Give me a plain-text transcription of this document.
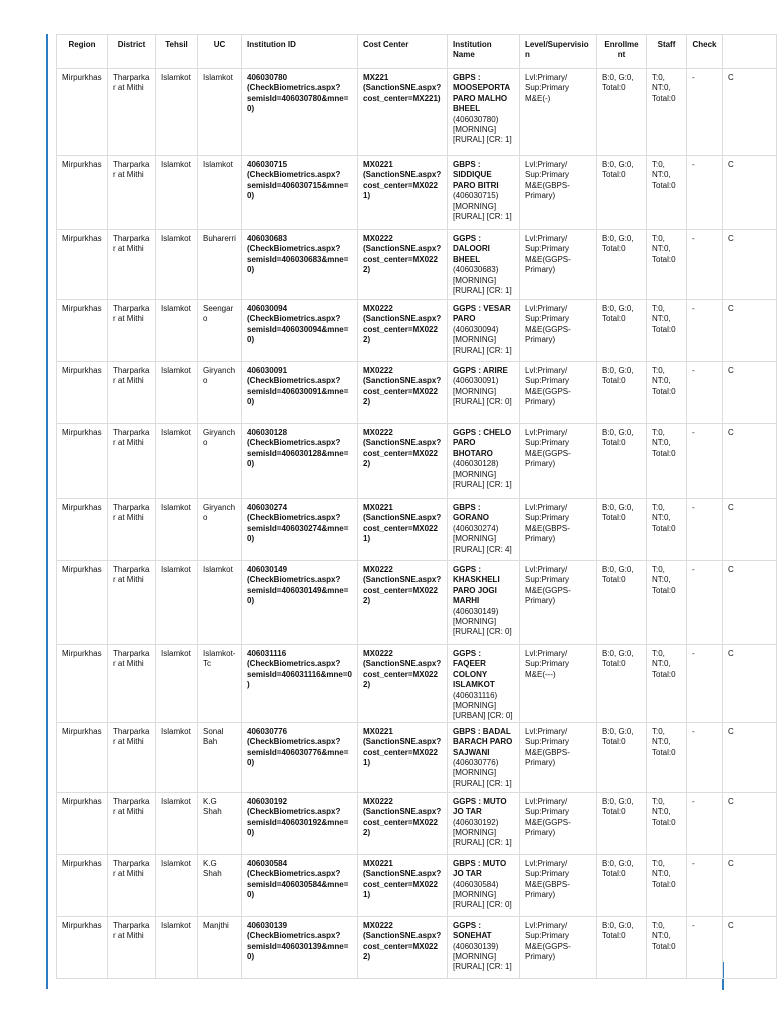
Region	District	Tehsil	UC	Institution ID	Cost Center	Institution Name	Level/Supervision	Enrollment	Staff	Check	
Mirpurkhas	Tharparkar at Mithi	Islamkot	Islamkot	406030780 (CheckBiometrics.aspx?semisId=406030780&mne=0)	MX221 (SanctionSNE.aspx?cost_center=MX221)	GBPS : MOOSEPORTA PARO MALHO BHEEL
(406030780) [MORNING] [RURAL] [CR: 1]	Lvl:Primary/ Sup:Primary M&E(-)	B:0, G:0, Total:0	T:0, NT:0, Total:0	-	C
Mirpurkhas	Tharparkar at Mithi	Islamkot	Islamkot	406030715 (CheckBiometrics.aspx?semisId=406030715&mne=0)	MX0221 (SanctionSNE.aspx?cost_center=MX0221)	GBPS : SIDDIQUE PARO BITRI
(406030715) [MORNING] [RURAL] [CR: 1]	Lvl:Primary/ Sup:Primary M&E(GBPS-Primary)	B:0, G:0, Total:0	T:0, NT:0, Total:0	-	C
Mirpurkhas	Tharparkar at Mithi	Islamkot	Buharerri	406030683 (CheckBiometrics.aspx?semisId=406030683&mne=0)	MX0222 (SanctionSNE.aspx?cost_center=MX0222)	GGPS : DALOORI BHEEL
(406030683) [MORNING] [RURAL] [CR: 1]	Lvl:Primary/ Sup:Primary M&E(GGPS-Primary)	B:0, G:0, Total:0	T:0, NT:0, Total:0	-	C
Mirpurkhas	Tharparkar at Mithi	Islamkot	Seengaro	406030094 (CheckBiometrics.aspx?semisId=406030094&mne=0)	MX0222 (SanctionSNE.aspx?cost_center=MX0222)	GGPS : VESAR PARO
(406030094) [MORNING] [RURAL] [CR: 1]	Lvl:Primary/ Sup:Primary M&E(GGPS-Primary)	B:0, G:0, Total:0	T:0, NT:0, Total:0	-	C
Mirpurkhas	Tharparkar at Mithi	Islamkot	Giryancho	406030091 (CheckBiometrics.aspx?semisId=406030091&mne=0)	MX0222 (SanctionSNE.aspx?cost_center=MX0222)	GGPS : ARIRE
(406030091) [MORNING] [RURAL] [CR: 0]	Lvl:Primary/ Sup:Primary M&E(GGPS-Primary)	B:0, G:0, Total:0	T:0, NT:0, Total:0	-	C
Mirpurkhas	Tharparkar at Mithi	Islamkot	Giryancho	406030128 (CheckBiometrics.aspx?semisId=406030128&mne=0)	MX0222 (SanctionSNE.aspx?cost_center=MX0222)	GGPS : CHELO PARO BHOTARO
(406030128) [MORNING] [RURAL] [CR: 1]	Lvl:Primary/ Sup:Primary M&E(GGPS-Primary)	B:0, G:0, Total:0	T:0, NT:0, Total:0	-	C
Mirpurkhas	Tharparkar at Mithi	Islamkot	Giryancho	406030274 (CheckBiometrics.aspx?semisId=406030274&mne=0)	MX0221 (SanctionSNE.aspx?cost_center=MX0221)	GBPS : GORANO
(406030274) [MORNING] [RURAL] [CR: 4]	Lvl:Primary/ Sup:Primary M&E(GBPS-Primary)	B:0, G:0, Total:0	T:0, NT:0, Total:0	-	C
Mirpurkhas	Tharparkar at Mithi	Islamkot	Islamkot	406030149 (CheckBiometrics.aspx?semisId=406030149&mne=0)	MX0222 (SanctionSNE.aspx?cost_center=MX0222)	GGPS : KHASKHELI PARO JOGI MARHI
(406030149) [MORNING] [RURAL] [CR: 0]	Lvl:Primary/ Sup:Primary M&E(GGPS-Primary)	B:0, G:0, Total:0	T:0, NT:0, Total:0	-	C
Mirpurkhas	Tharparkar at Mithi	Islamkot	Islamkot-Tc	406031116 (CheckBiometrics.aspx?semisId=406031116&mne=0)	MX0222 (SanctionSNE.aspx?cost_center=MX0222)	GGPS : FAQEER COLONY ISLAMKOT
(406031116) [MORNING] [URBAN] [CR: 0]	Lvl:Primary/ Sup:Primary M&E(---)	B:0, G:0, Total:0	T:0, NT:0, Total:0	-	C
Mirpurkhas	Tharparkar at Mithi	Islamkot	Sonal Bah	406030776 (CheckBiometrics.aspx?semisId=406030776&mne=0)	MX0221 (SanctionSNE.aspx?cost_center=MX0221)	GBPS : BADAL BARACH PARO SAJWANI
(406030776) [MORNING] [RURAL] [CR: 1]	Lvl:Primary/ Sup:Primary M&E(GBPS-Primary)	B:0, G:0, Total:0	T:0, NT:0, Total:0	-	C
Mirpurkhas	Tharparkar at Mithi	Islamkot	K.G Shah	406030192 (CheckBiometrics.aspx?semisId=406030192&mne=0)	MX0222 (SanctionSNE.aspx?cost_center=MX0222)	GGPS : MUTO JO TAR
(406030192) [MORNING] [RURAL] [CR: 1]	Lvl:Primary/ Sup:Primary M&E(GGPS-Primary)	B:0, G:0, Total:0	T:0, NT:0, Total:0	-	C
Mirpurkhas	Tharparkar at Mithi	Islamkot	K.G Shah	406030584 (CheckBiometrics.aspx?semisId=406030584&mne=0)	MX0221 (SanctionSNE.aspx?cost_center=MX0221)	GBPS : MUTO JO TAR
(406030584) [MORNING] [RURAL] [CR: 0]	Lvl:Primary/ Sup:Primary M&E(GBPS-Primary)	B:0, G:0, Total:0	T:0, NT:0, Total:0	-	C
Mirpurkhas	Tharparkar at Mithi	Islamkot	Manjthi	406030139 (CheckBiometrics.aspx?semisId=406030139&mne=0)	MX0222 (SanctionSNE.aspx?cost_center=MX0222)	GGPS : SONEHAT
(406030139) [MORNING] [RURAL] [CR: 1]	Lvl:Primary/ Sup:Primary M&E(GGPS-Primary)	B:0, G:0, Total:0	T:0, NT:0, Total:0	-	C
